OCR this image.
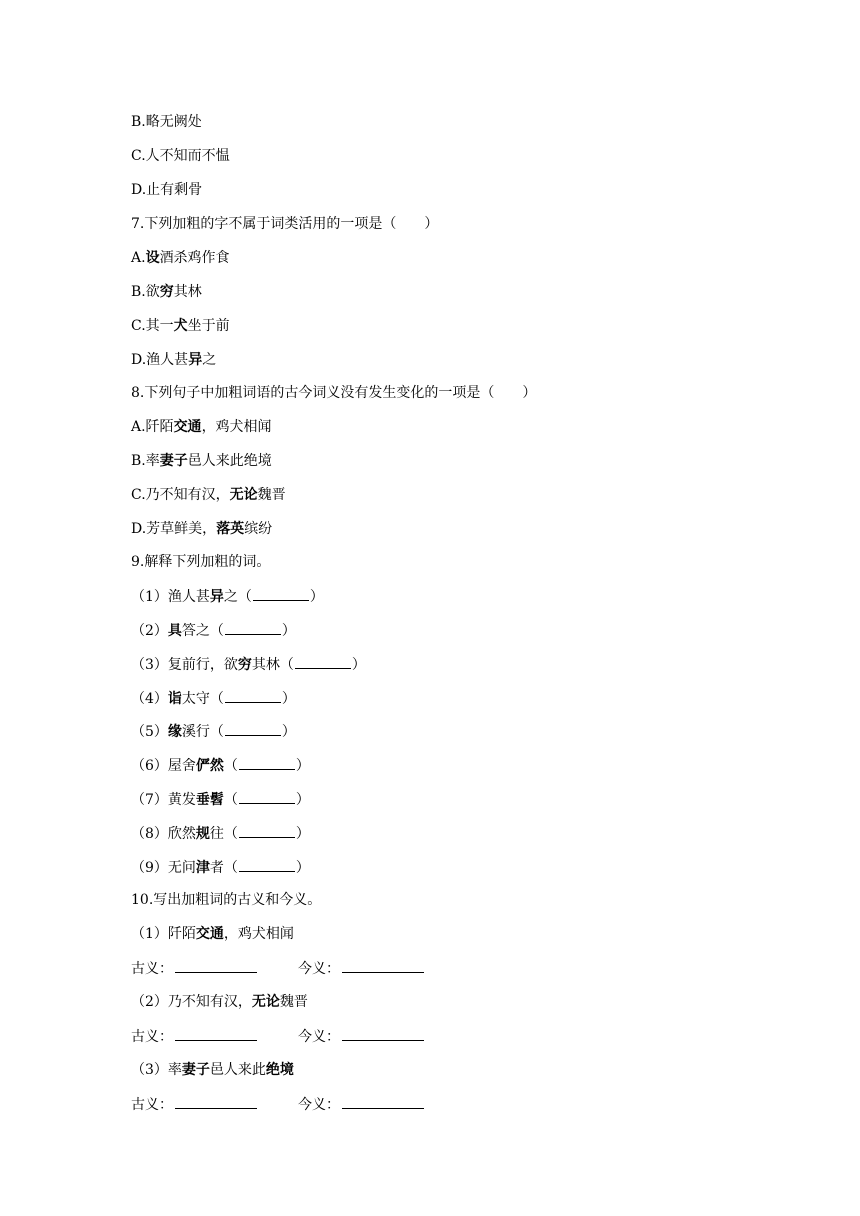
B.略无阙处
C.人不知而不愠
D.止有剩骨
7.下列加粗的字不属于词类活用的一项是（　　）
A.设酒杀鸡作食
B.欲穷其林
C.其一犬坐于前
D.渔人甚异之
8.下列句子中加粗词语的古今词义没有发生变化的一项是（　　）
A.阡陌交通，鸡犬相闻
B.率妻子邑人来此绝境
C.乃不知有汉，无论魏晋
D.芳草鲜美，落英缤纷
9.解释下列加粗的词。
（1）渔人甚异之（	）
（2）具答之（	）
（3）复前行，欲穷其林（	）
（4）诣太守（	）
（5）缘溪行（	）
（6）屋舍俨然（	）
（7）黄发垂髫（	）
（8）欣然规往（	）
（9）无问津者（	）
10.写出加粗词的古义和今义。
（1）阡陌交通，鸡犬相闻
古义：	今义：
（2）乃不知有汉，无论魏晋
古义：	今义：
（3）率妻子邑人来此绝境
古义：	今义：
